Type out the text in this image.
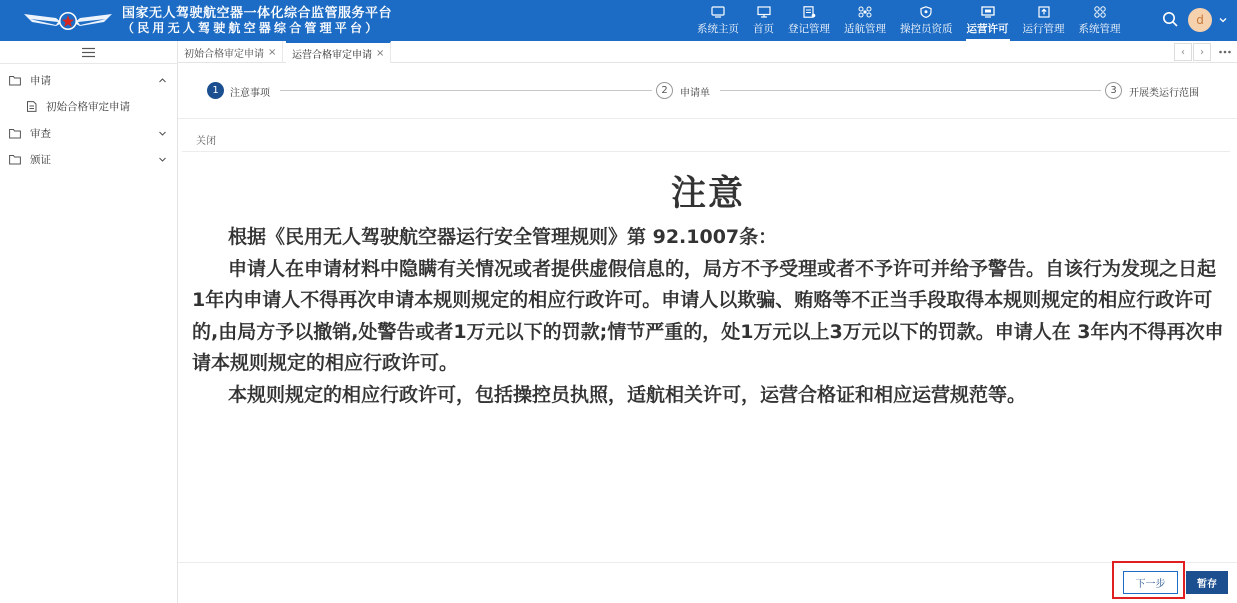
国家无人驾驶航空器一体化综合监管服务平台
（民用无人驾驶航空器综合管理平台）	系统主页 首页 登记管理 适航管理 操控员资质 运营许可 运行管理 系统管理
d
申请
初始合格审定申请
审查
颁证
初始合格审定申请 × 运营合格审定申请 ×	‹	›
1	注意事项	2	申请单	3	开展类运行范围
关闭
注意

根据《民用无人驾驶航空器运行安全管理规则》第 92.1007条：

申请人在申请材料中隐瞒有关情况或者提供虚假信息的，局方不予受理或者不予许可并给予警告。自该行为发现之日起1年内申请人不得再次申请本规则规定的相应行政许可。申请人以欺骗、贿赂等不正当手段取得本规则规定的相应行政许可的,由局方予以撤销,处警告或者1万元以下的罚款;情节严重的，处1万元以上3万元以下的罚款。申请人在 3年内不得再次申请本规则规定的相应行政许可。

本规则规定的相应行政许可，包括操控员执照，适航相关许可，运营合格证和相应运营规范等。

下一步	暂存
